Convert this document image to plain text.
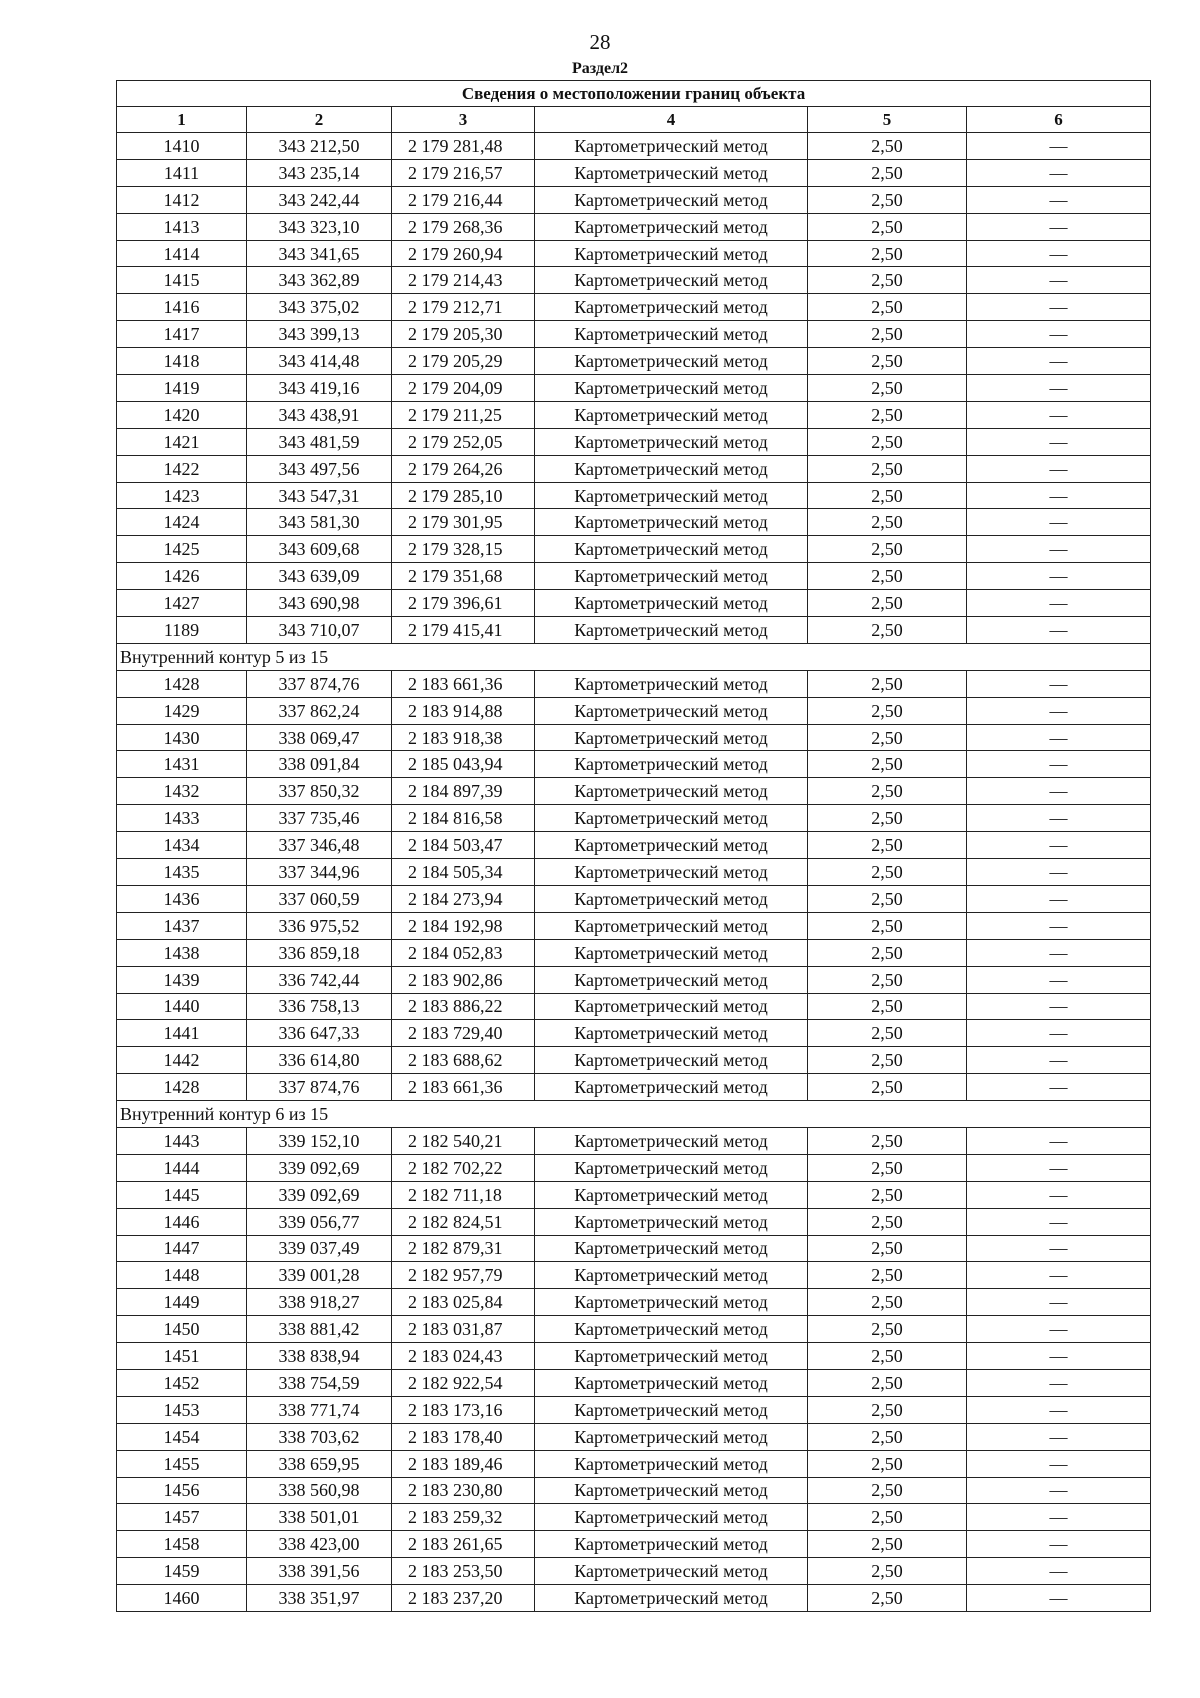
28
Раздел2
Сведения о местоположении границ объекта					
1	2	3	4	5	6
1410	343 212,50	2 179 281,48	Картометрический метод	2,50	—
1411	343 235,14	2 179 216,57	Картометрический метод	2,50	—
1412	343 242,44	2 179 216,44	Картометрический метод	2,50	—
1413	343 323,10	2 179 268,36	Картометрический метод	2,50	—
1414	343 341,65	2 179 260,94	Картометрический метод	2,50	—
1415	343 362,89	2 179 214,43	Картометрический метод	2,50	—
1416	343 375,02	2 179 212,71	Картометрический метод	2,50	—
1417	343 399,13	2 179 205,30	Картометрический метод	2,50	—
1418	343 414,48	2 179 205,29	Картометрический метод	2,50	—
1419	343 419,16	2 179 204,09	Картометрический метод	2,50	—
1420	343 438,91	2 179 211,25	Картометрический метод	2,50	—
1421	343 481,59	2 179 252,05	Картометрический метод	2,50	—
1422	343 497,56	2 179 264,26	Картометрический метод	2,50	—
1423	343 547,31	2 179 285,10	Картометрический метод	2,50	—
1424	343 581,30	2 179 301,95	Картометрический метод	2,50	—
1425	343 609,68	2 179 328,15	Картометрический метод	2,50	—
1426	343 639,09	2 179 351,68	Картометрический метод	2,50	—
1427	343 690,98	2 179 396,61	Картометрический метод	2,50	—
1189	343 710,07	2 179 415,41	Картометрический метод	2,50	—
Внутренний контур 5 из 15					
1428	337 874,76	2 183 661,36	Картометрический метод	2,50	—
1429	337 862,24	2 183 914,88	Картометрический метод	2,50	—
1430	338 069,47	2 183 918,38	Картометрический метод	2,50	—
1431	338 091,84	2 185 043,94	Картометрический метод	2,50	—
1432	337 850,32	2 184 897,39	Картометрический метод	2,50	—
1433	337 735,46	2 184 816,58	Картометрический метод	2,50	—
1434	337 346,48	2 184 503,47	Картометрический метод	2,50	—
1435	337 344,96	2 184 505,34	Картометрический метод	2,50	—
1436	337 060,59	2 184 273,94	Картометрический метод	2,50	—
1437	336 975,52	2 184 192,98	Картометрический метод	2,50	—
1438	336 859,18	2 184 052,83	Картометрический метод	2,50	—
1439	336 742,44	2 183 902,86	Картометрический метод	2,50	—
1440	336 758,13	2 183 886,22	Картометрический метод	2,50	—
1441	336 647,33	2 183 729,40	Картометрический метод	2,50	—
1442	336 614,80	2 183 688,62	Картометрический метод	2,50	—
1428	337 874,76	2 183 661,36	Картометрический метод	2,50	—
Внутренний контур 6 из 15					
1443	339 152,10	2 182 540,21	Картометрический метод	2,50	—
1444	339 092,69	2 182 702,22	Картометрический метод	2,50	—
1445	339 092,69	2 182 711,18	Картометрический метод	2,50	—
1446	339 056,77	2 182 824,51	Картометрический метод	2,50	—
1447	339 037,49	2 182 879,31	Картометрический метод	2,50	—
1448	339 001,28	2 182 957,79	Картометрический метод	2,50	—
1449	338 918,27	2 183 025,84	Картометрический метод	2,50	—
1450	338 881,42	2 183 031,87	Картометрический метод	2,50	—
1451	338 838,94	2 183 024,43	Картометрический метод	2,50	—
1452	338 754,59	2 182 922,54	Картометрический метод	2,50	—
1453	338 771,74	2 183 173,16	Картометрический метод	2,50	—
1454	338 703,62	2 183 178,40	Картометрический метод	2,50	—
1455	338 659,95	2 183 189,46	Картометрический метод	2,50	—
1456	338 560,98	2 183 230,80	Картометрический метод	2,50	—
1457	338 501,01	2 183 259,32	Картометрический метод	2,50	—
1458	338 423,00	2 183 261,65	Картометрический метод	2,50	—
1459	338 391,56	2 183 253,50	Картометрический метод	2,50	—
1460	338 351,97	2 183 237,20	Картометрический метод	2,50	—
